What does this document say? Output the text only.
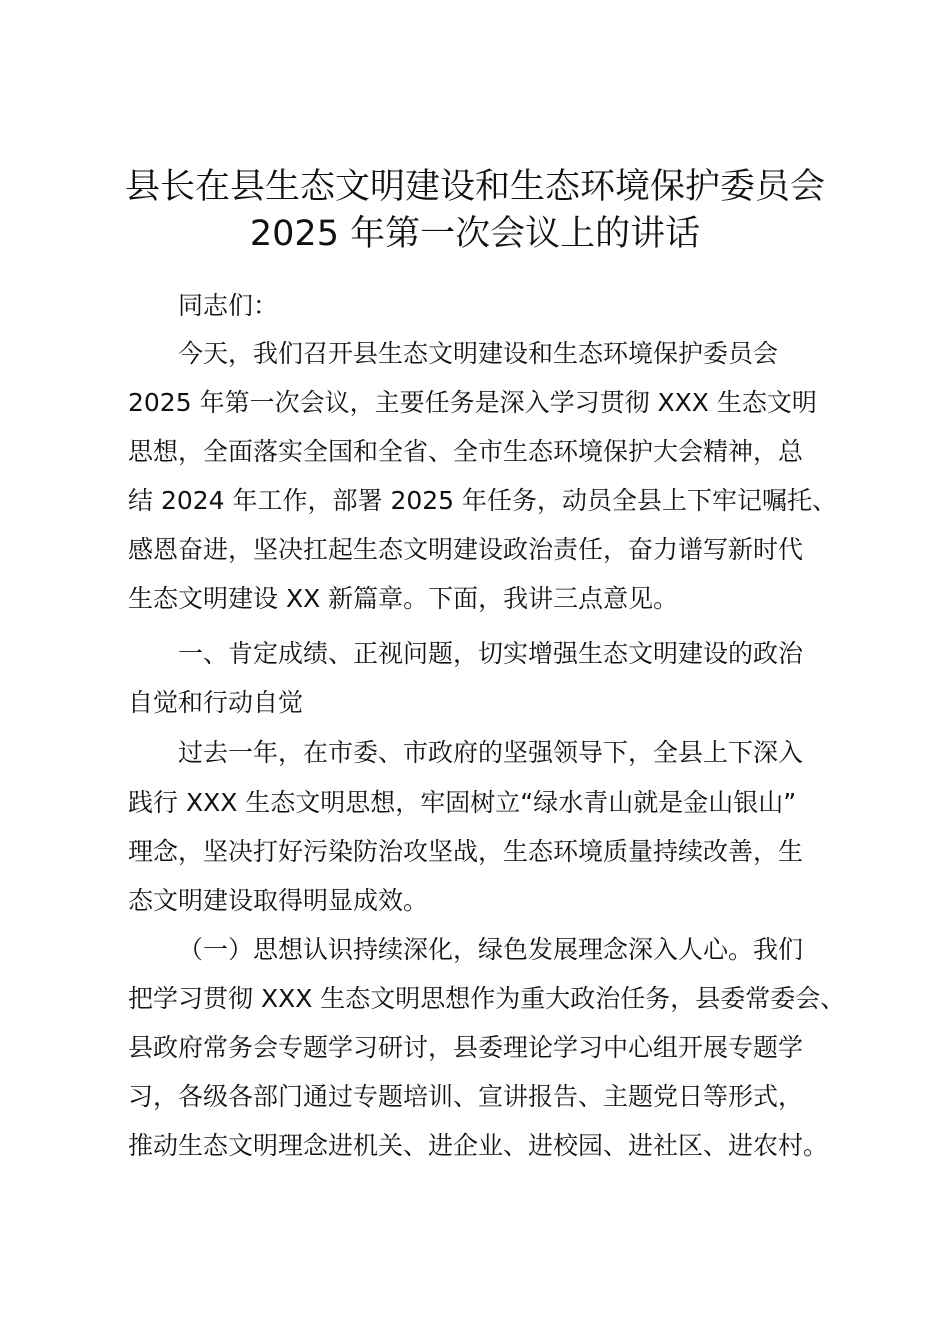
县长在县生态文明建设和生态环境保护委员会
2025 年第一次会议上的讲话
同志们：
今天，我们召开县生态文明建设和生态环境保护委员会
2025 年第一次会议，主要任务是深入学习贯彻 XXX 生态文明
思想，全面落实全国和全省、全市生态环境保护大会精神，总
结 2024 年工作，部署 2025 年任务，动员全县上下牢记嘱托、
感恩奋进，坚决扛起生态文明建设政治责任，奋力谱写新时代
生态文明建设 XX 新篇章。下面，我讲三点意见。
一、肯定成绩、正视问题，切实增强生态文明建设的政治
自觉和行动自觉
过去一年，在市委、市政府的坚强领导下，全县上下深入
践行 XXX 生态文明思想，牢固树立“绿水青山就是金山银山”
理念，坚决打好污染防治攻坚战，生态环境质量持续改善，生
态文明建设取得明显成效。
（一）思想认识持续深化，绿色发展理念深入人心。我们
把学习贯彻 XXX 生态文明思想作为重大政治任务，县委常委会、
县政府常务会专题学习研讨，县委理论学习中心组开展专题学
习，各级各部门通过专题培训、宣讲报告、主题党日等形式，
推动生态文明理念进机关、进企业、进校园、进社区、进农村。
